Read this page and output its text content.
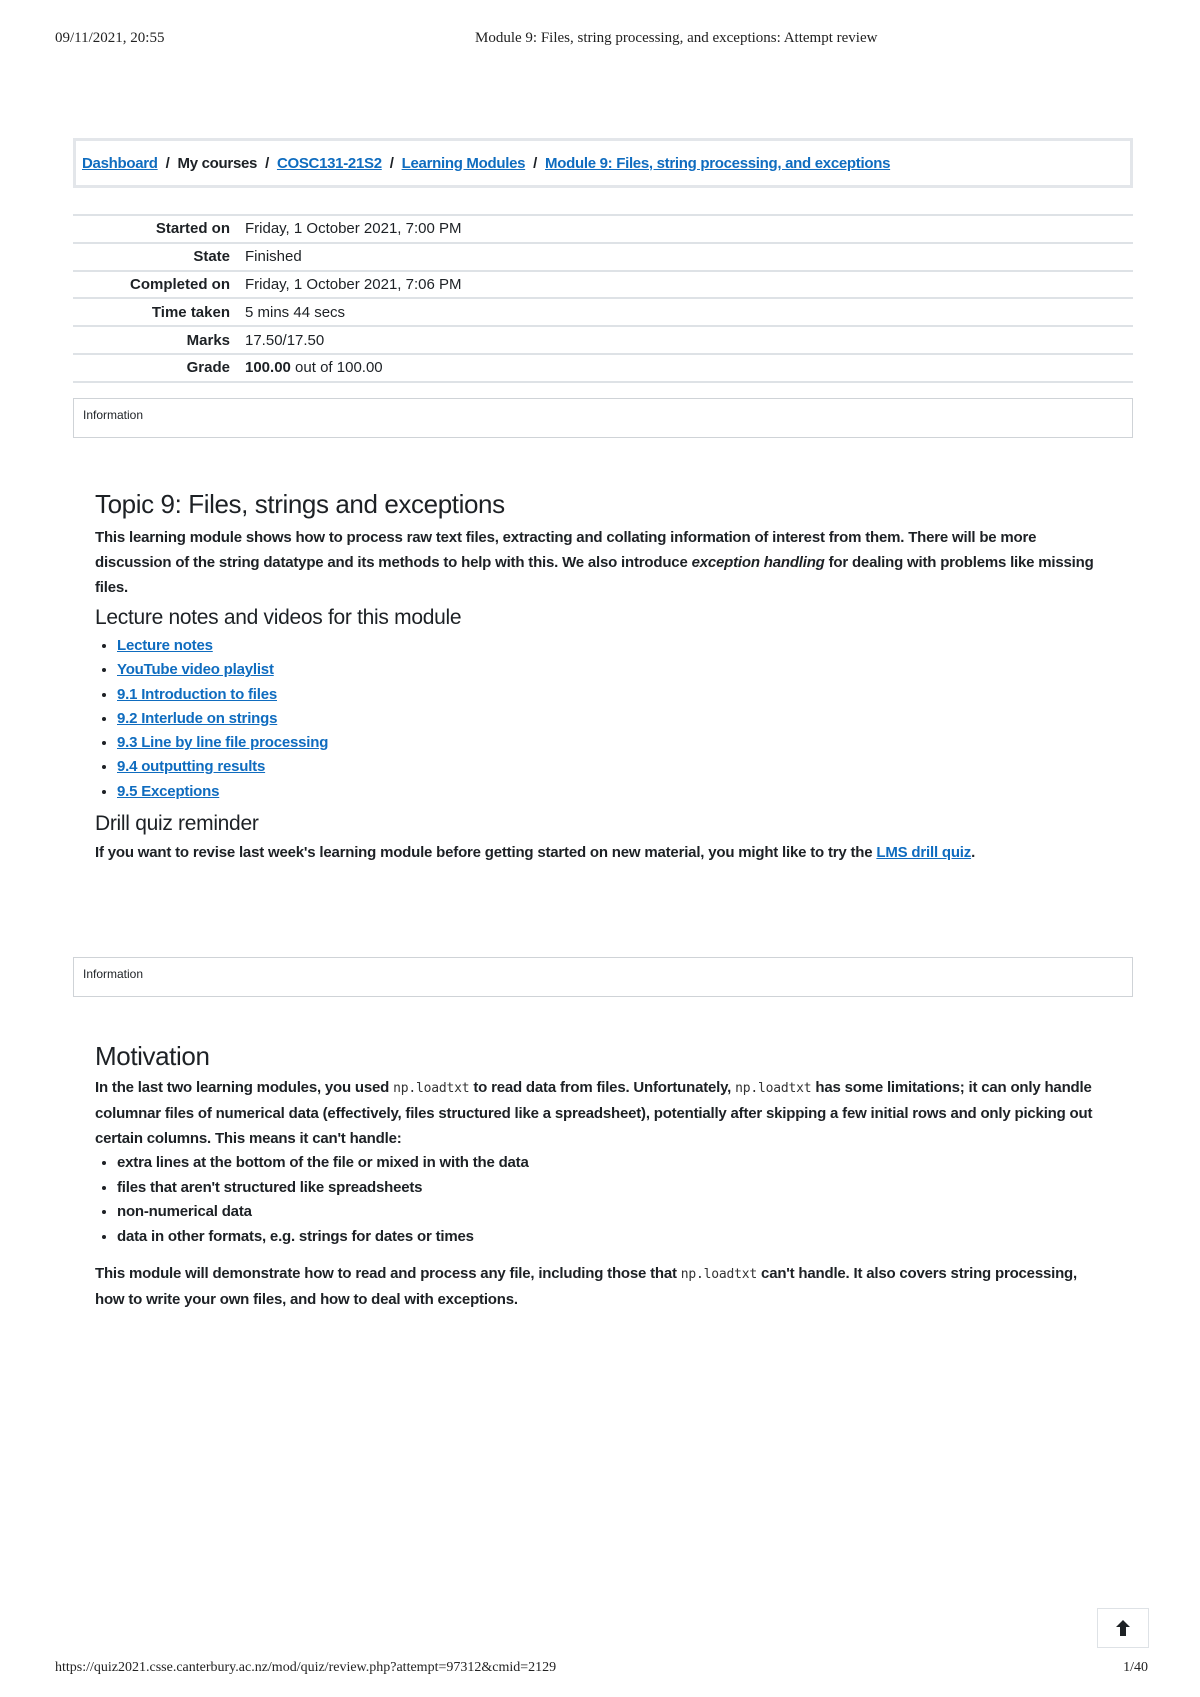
09/11/2021, 20:55	Module 9: Files, string processing, and exceptions: Attempt review
Dashboard / My courses / COSC131-21S2 / Learning Modules / Module 9: Files, string processing, and exceptions
Started on	Friday, 1 October 2021, 7:00 PM
State	Finished
Completed on	Friday, 1 October 2021, 7:06 PM
Time taken	5 mins 44 secs
Marks	17.50/17.50
Grade	100.00 out of 100.00
Information
Topic 9: Files, strings and exceptions

This learning module shows how to process raw text files, extracting and collating information of interest from them. There will be more discussion of the string datatype and its methods to help with this. We also introduce exception handling for dealing with problems like missing files.

Lecture notes and videos for this module
• Lecture notes
• YouTube video playlist
• 9.1 Introduction to files
• 9.2 Interlude on strings
• 9.3 Line by line file processing
• 9.4 outputting results
• 9.5 Exceptions
Drill quiz reminder

If you want to revise last week's learning module before getting started on new material, you might like to try the LMS drill quiz.

Information
Motivation

In the last two learning modules, you used np.loadtxt to read data from files. Unfortunately, np.loadtxt has some limitations; it can only handle columnar files of numerical data (effectively, files structured like a spreadsheet), potentially after skipping a few initial rows and only picking out certain columns. This means it can't handle:

• extra lines at the bottom of the file or mixed in with the data
• files that aren't structured like spreadsheets
• non-numerical data
• data in other formats, e.g. strings for dates or times

This module will demonstrate how to read and process any file, including those that np.loadtxt can't handle. It also covers string processing, how to write your own files, and how to deal with exceptions.

https://quiz2021.csse.canterbury.ac.nz/mod/quiz/review.php?attempt=97312&cmid=2129	1/40
